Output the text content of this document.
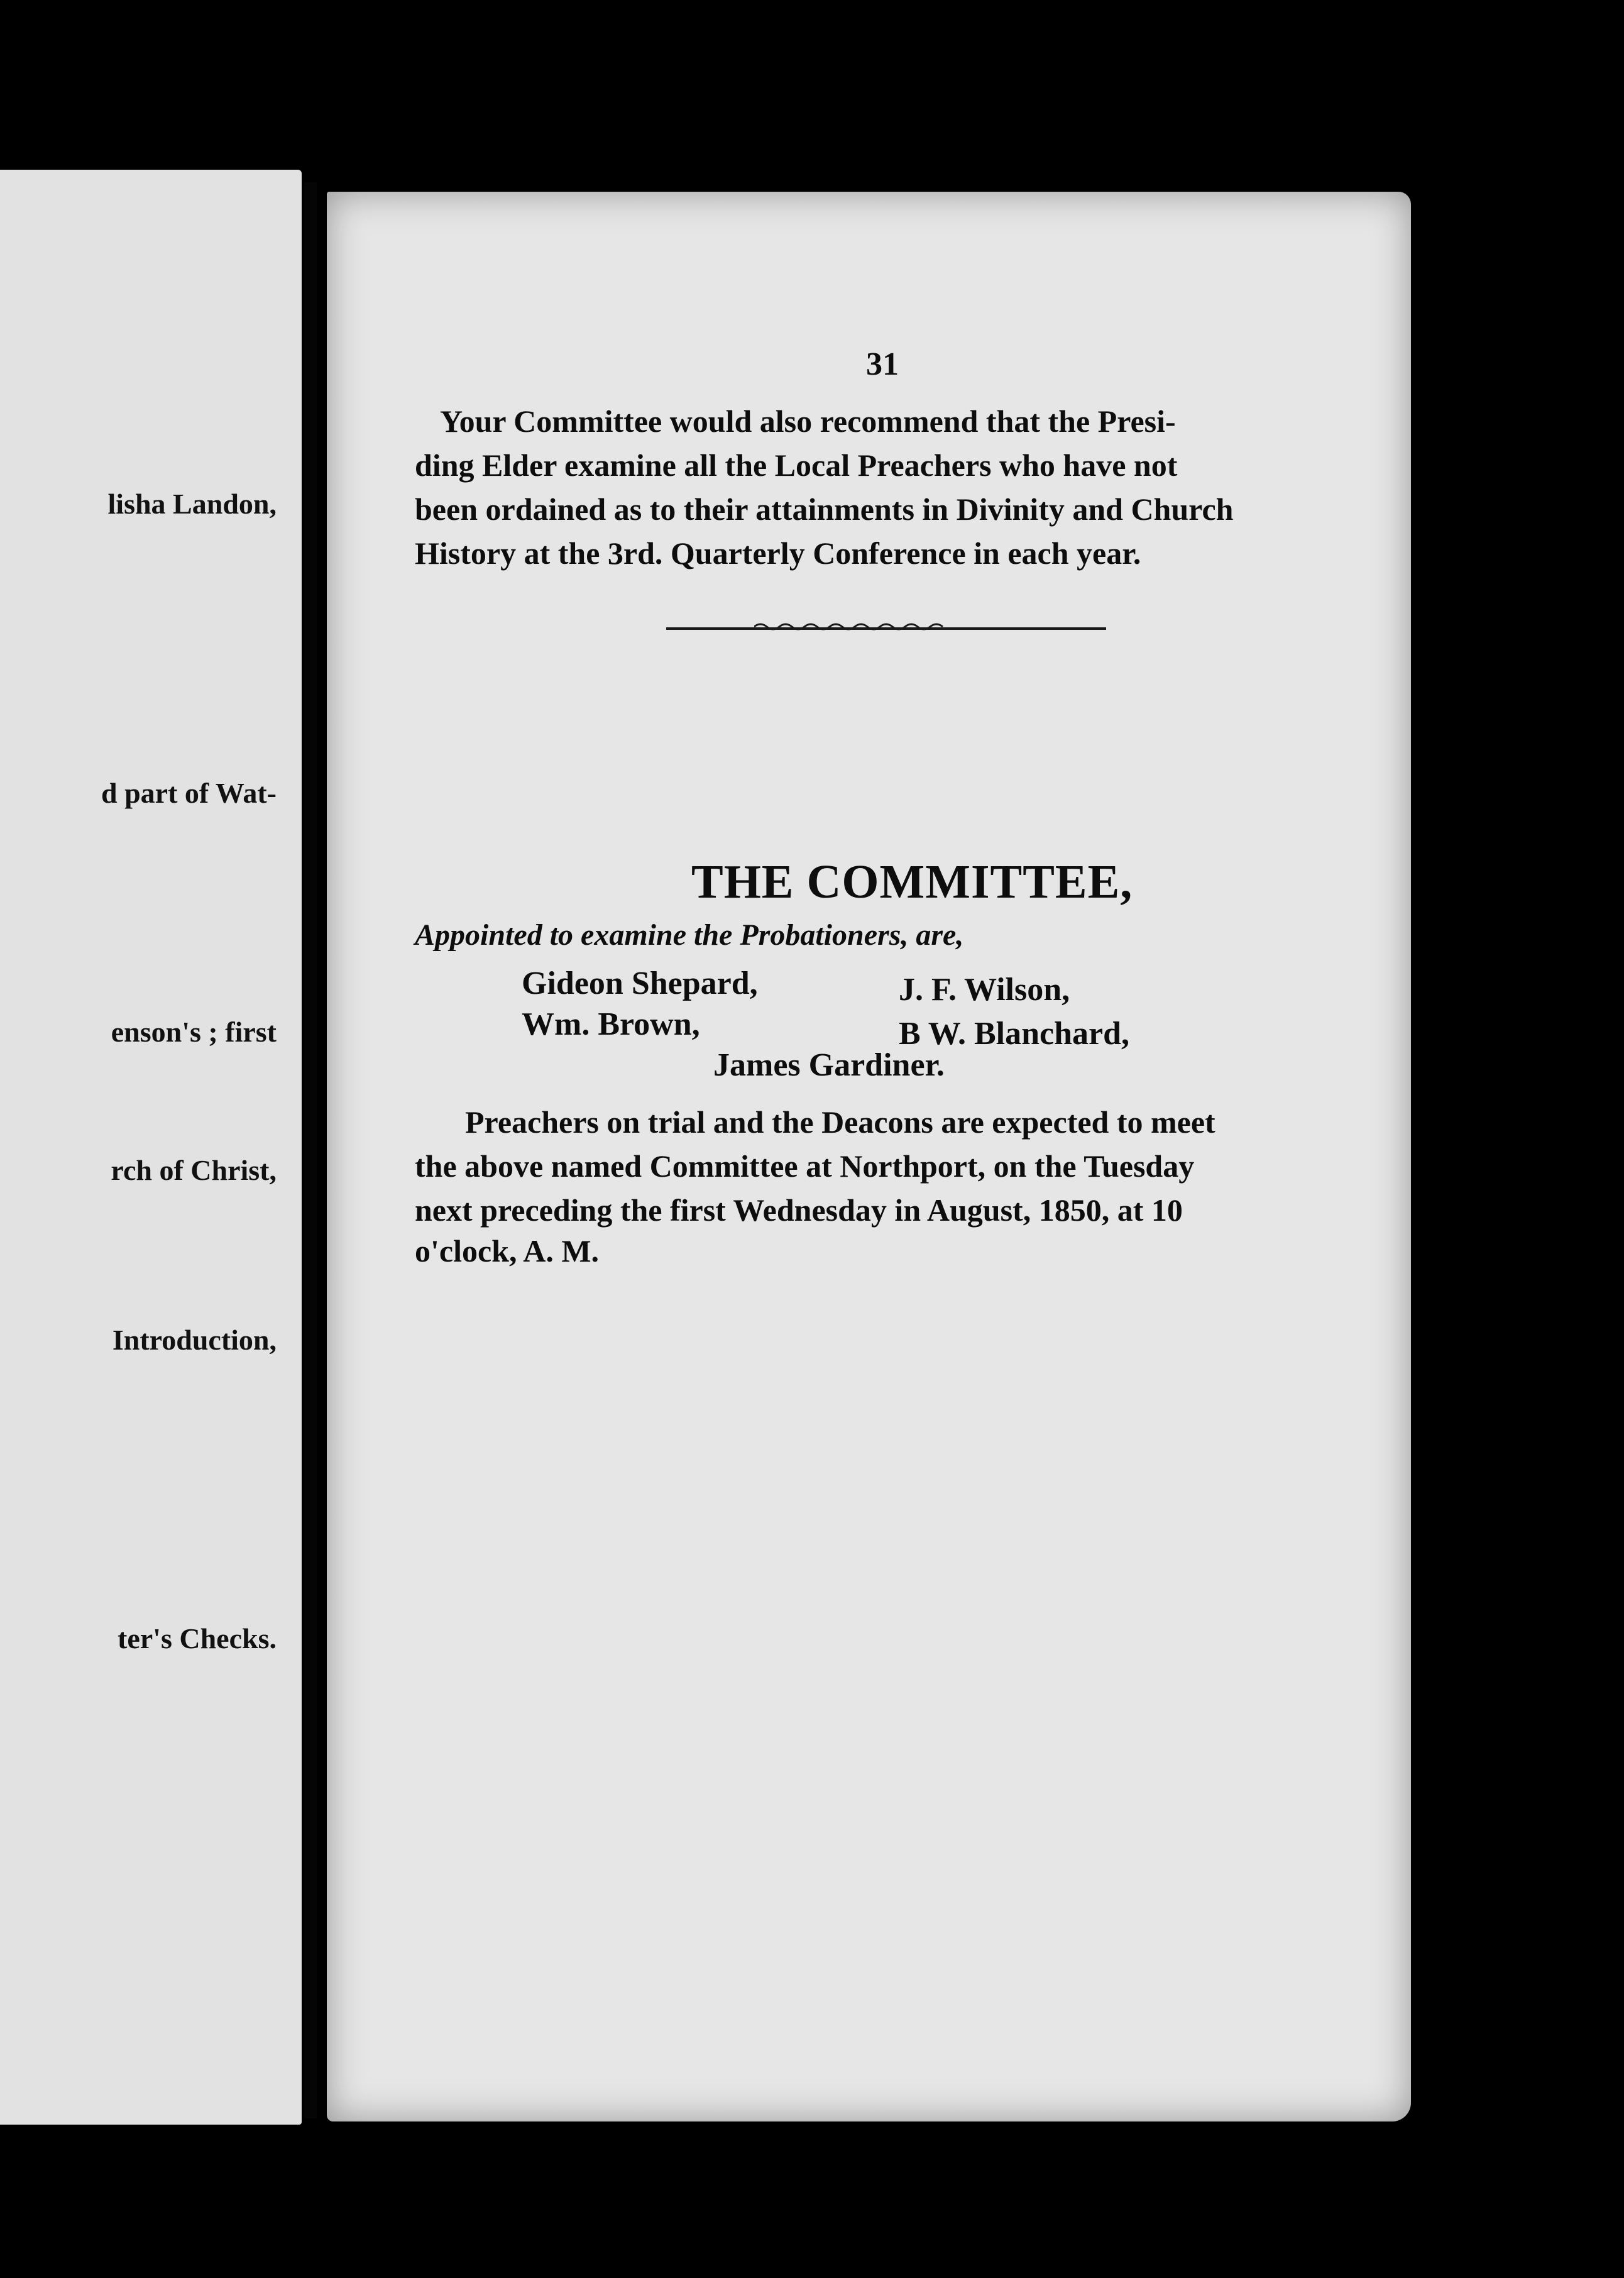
lisha Landon,
d part of Wat-
enson's ; first
rch of Christ,
Introduction,
ter's Checks.
31
Your Committee would also recommend that the Presi-
ding Elder examine all the Local Preachers who have not
been ordained as to their attainments in Divinity and Church
History at the 3rd. Quarterly Conference in each year.
THE COMMITTEE,
Appointed to examine the Probationers, are,
Gideon Shepard,	J. F. Wilson,
Wm. Brown,	B W. Blanchard,
James Gardiner.
Preachers on trial and the Deacons are expected to meet
the above named Committee at Northport, on the Tuesday
next preceding the first Wednesday in August, 1850, at 10
o'clock, A. M.
